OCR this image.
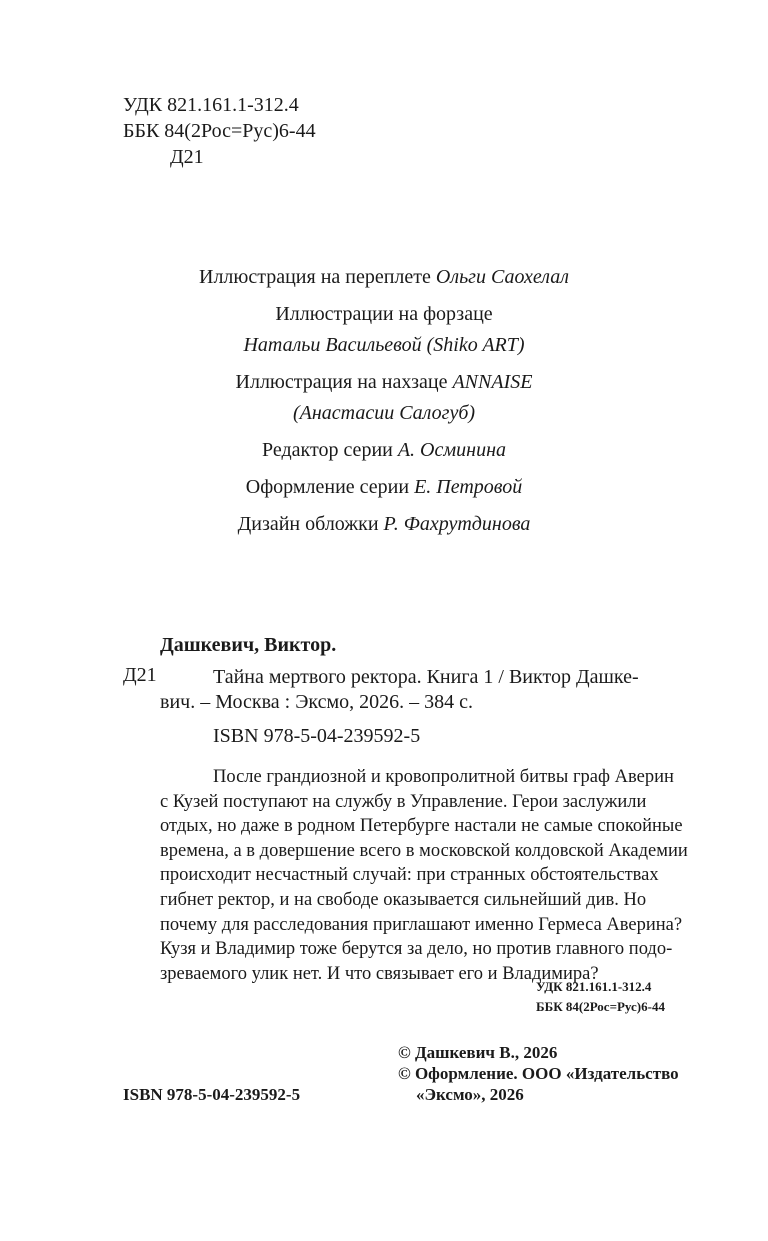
УДК 821.161.1-312.4
ББК 84(2Рос=Рус)6-44
Д21
Иллюстрация на переплете Ольги Саохелал
Иллюстрации на форзаце
Натальи Васильевой (Shiko ART)
Иллюстрация на нахзаце ANNAISE
(Анастасии Салогуб)
Редактор серии А. Осминина
Оформление серии Е. Петровой
Дизайн обложки Р. Фахрутдинова
Дашкевич, Виктор.
Д21	Тайна мертвого ректора. Книга 1 / Виктор Дашке-
вич. – Москва : Эксмо, 2026. – 384 с.
ISBN 978-5-04-239592-5
После грандиозной и кровопролитной битвы граф Аверин
с Кузей поступают на службу в Управление. Герои заслужили
отдых, но даже в родном Петербурге настали не самые спокойные
времена, а в довершение всего в московской колдовской Академии
происходит несчастный случай: при странных обстоятельствах
гибнет ректор, и на свободе оказывается сильнейший див. Но
почему для расследования приглашают именно Гермеса Аверина?
Кузя и Владимир тоже берутся за дело, но против главного подо-
зреваемого улик нет. И что связывает его и Владимира?
УДК 821.161.1-312.4
ББК 84(2Рос=Рус)6-44
© Дашкевич В., 2026
© Оформление. ООО «Издательство
«Эксмо», 2026
ISBN 978-5-04-239592-5
